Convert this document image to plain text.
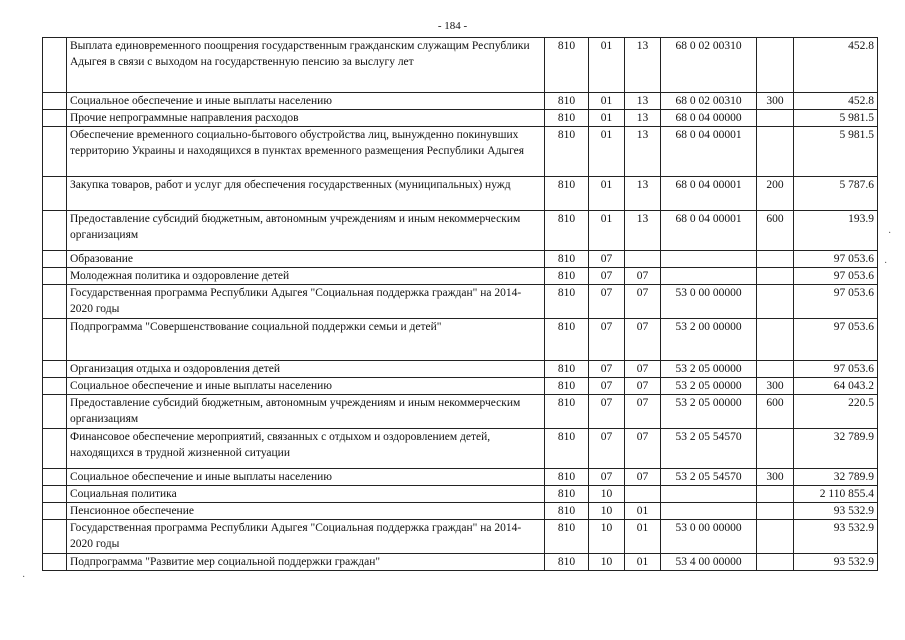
- 184 -
	Выплата единовременного поощрения государственным гражданским служащим Республики Адыгея в связи с выходом на государственную пенсию за выслугу лет	810	01	13	68 0 02 00310		452.8
	Социальное обеспечение и иные выплаты населению	810	01	13	68 0 02 00310	300	452.8
	Прочие непрограммные направления расходов	810	01	13	68 0 04 00000		5 981.5
	Обеспечение временного социально-бытового обустройства лиц, вынужденно покинувших территорию Украины и находящихся в пунктах временного размещения Республики Адыгея	810	01	13	68 0 04 00001		5 981.5
	Закупка товаров, работ и услуг для обеспечения государственных (муниципальных) нужд	810	01	13	68 0 04 00001	200	5 787.6
	Предоставление субсидий бюджетным, автономным учреждениям и иным некоммерческим организациям	810	01	13	68 0 04 00001	600	193.9
	Образование	810	07				97 053.6
	Молодежная политика и оздоровление детей	810	07	07			97 053.6
	Государственная программа Республики Адыгея "Социальная поддержка граждан" на 2014-2020 годы	810	07	07	53 0 00 00000		97 053.6
	Подпрограмма "Совершенствование социальной поддержки семьи и детей"	810	07	07	53 2 00 00000		97 053.6
	Организация отдыха и оздоровления детей	810	07	07	53 2 05 00000		97 053.6
	Социальное обеспечение и иные выплаты населению	810	07	07	53 2 05 00000	300	64 043.2
	Предоставление субсидий бюджетным, автономным учреждениям и иным некоммерческим организациям	810	07	07	53 2 05 00000	600	220.5
	Финансовое обеспечение мероприятий, связанных с отдыхом и оздоровлением детей, находящихся в трудной жизненной ситуации	810	07	07	53 2 05 54570		32 789.9
	Социальное обеспечение и иные выплаты населению	810	07	07	53 2 05 54570	300	32 789.9
	Социальная политика	810	10				2 110 855.4
	Пенсионное обеспечение	810	10	01			93 532.9
	Государственная программа Республики Адыгея "Социальная поддержка граждан" на 2014-2020 годы	810	10	01	53 0 00 00000		93 532.9
	Подпрограмма "Развитие мер социальной поддержки граждан"	810	10	01	53 4 00 00000		93 532.9
·
·
·
